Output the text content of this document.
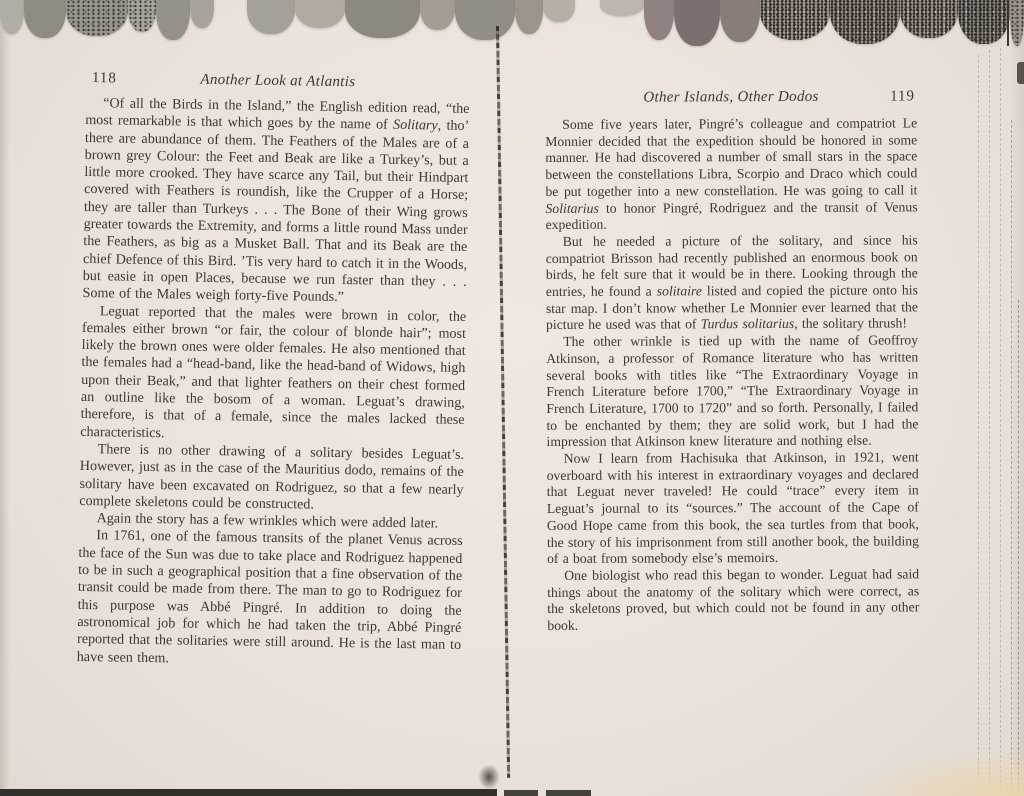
118	Another Look at Atlantis

“Of all the Birds in the Island,” the English edition read, “the most remarkable is that which goes by the name of Solitary, tho’ there are abundance of them. The Feathers of the Males are of a brown grey Colour: the Feet and Beak are like a Turkey’s, but a little more crooked. They have scarce any Tail, but their Hindpart covered with Feathers is roundish, like the Crupper of a Horse; they are taller than Turkeys . . . The Bone of their Wing grows greater towards the Extremity, and forms a little round Mass under the Feathers, as big as a Musket Ball. That and its Beak are the chief Defence of this Bird. ’Tis very hard to catch it in the Woods, but easie in open Places, because we run faster than they . . . Some of the Males weigh forty-five Pounds.”

Leguat reported that the males were brown in color, the females either brown “or fair, the colour of blonde hair”; most likely the brown ones were older females. He also mentioned that the females had a “head-band, like the head-band of Widows, high upon their Beak,” and that lighter feathers on their chest formed an outline like the bosom of a woman. Leguat’s drawing, therefore, is that of a female, since the males lacked these characteristics.

There is no other drawing of a solitary besides Leguat’s. However, just as in the case of the Mauritius dodo, remains of the solitary have been excavated on Rodriguez, so that a few nearly complete skeletons could be constructed.

Again the story has a few wrinkles which were added later.

In 1761, one of the famous transits of the planet Venus across the face of the Sun was due to take place and Rodriguez happened to be in such a geographical position that a fine observation of the transit could be made from there. The man to go to Rodriguez for this purpose was Abbé Pingré. In addition to doing the astronomical job for which he had taken the trip, Abbé Pingré reported that the solitaries were still around. He is the last man to have seen them.

Other Islands, Other Dodos	119

Some five years later, Pingré’s colleague and compatriot Le Monnier decided that the expedition should be honored in some manner. He had discovered a number of small stars in the space between the constellations Libra, Scorpio and Draco which could be put together into a new constellation. He was going to call it Solitarius to honor Pingré, Rodriguez and the transit of Venus expedition.

But he needed a picture of the solitary, and since his compatriot Brisson had recently published an enormous book on birds, he felt sure that it would be in there. Looking through the entries, he found a solitaire listed and copied the picture onto his star map. I don’t know whether Le Monnier ever learned that the picture he used was that of Turdus solitarius, the solitary thrush!

The other wrinkle is tied up with the name of Geoffroy Atkinson, a professor of Romance literature who has written several books with titles like “The Extraordinary Voyage in French Literature before 1700,” “The Extraordinary Voyage in French Literature, 1700 to 1720” and so forth. Personally, I failed to be enchanted by them; they are solid work, but I had the impression that Atkinson knew literature and nothing else.

Now I learn from Hachisuka that Atkinson, in 1921, went overboard with his interest in extraordinary voyages and declared that Leguat never traveled! He could “trace” every item in Leguat’s journal to its “sources.” The account of the Cape of Good Hope came from this book, the sea turtles from that book, the story of his imprisonment from still another book, the building of a boat from somebody else’s memoirs.

One biologist who read this began to wonder. Leguat had said things about the anatomy of the solitary which were correct, as the skeletons proved, but which could not be found in any other book.
